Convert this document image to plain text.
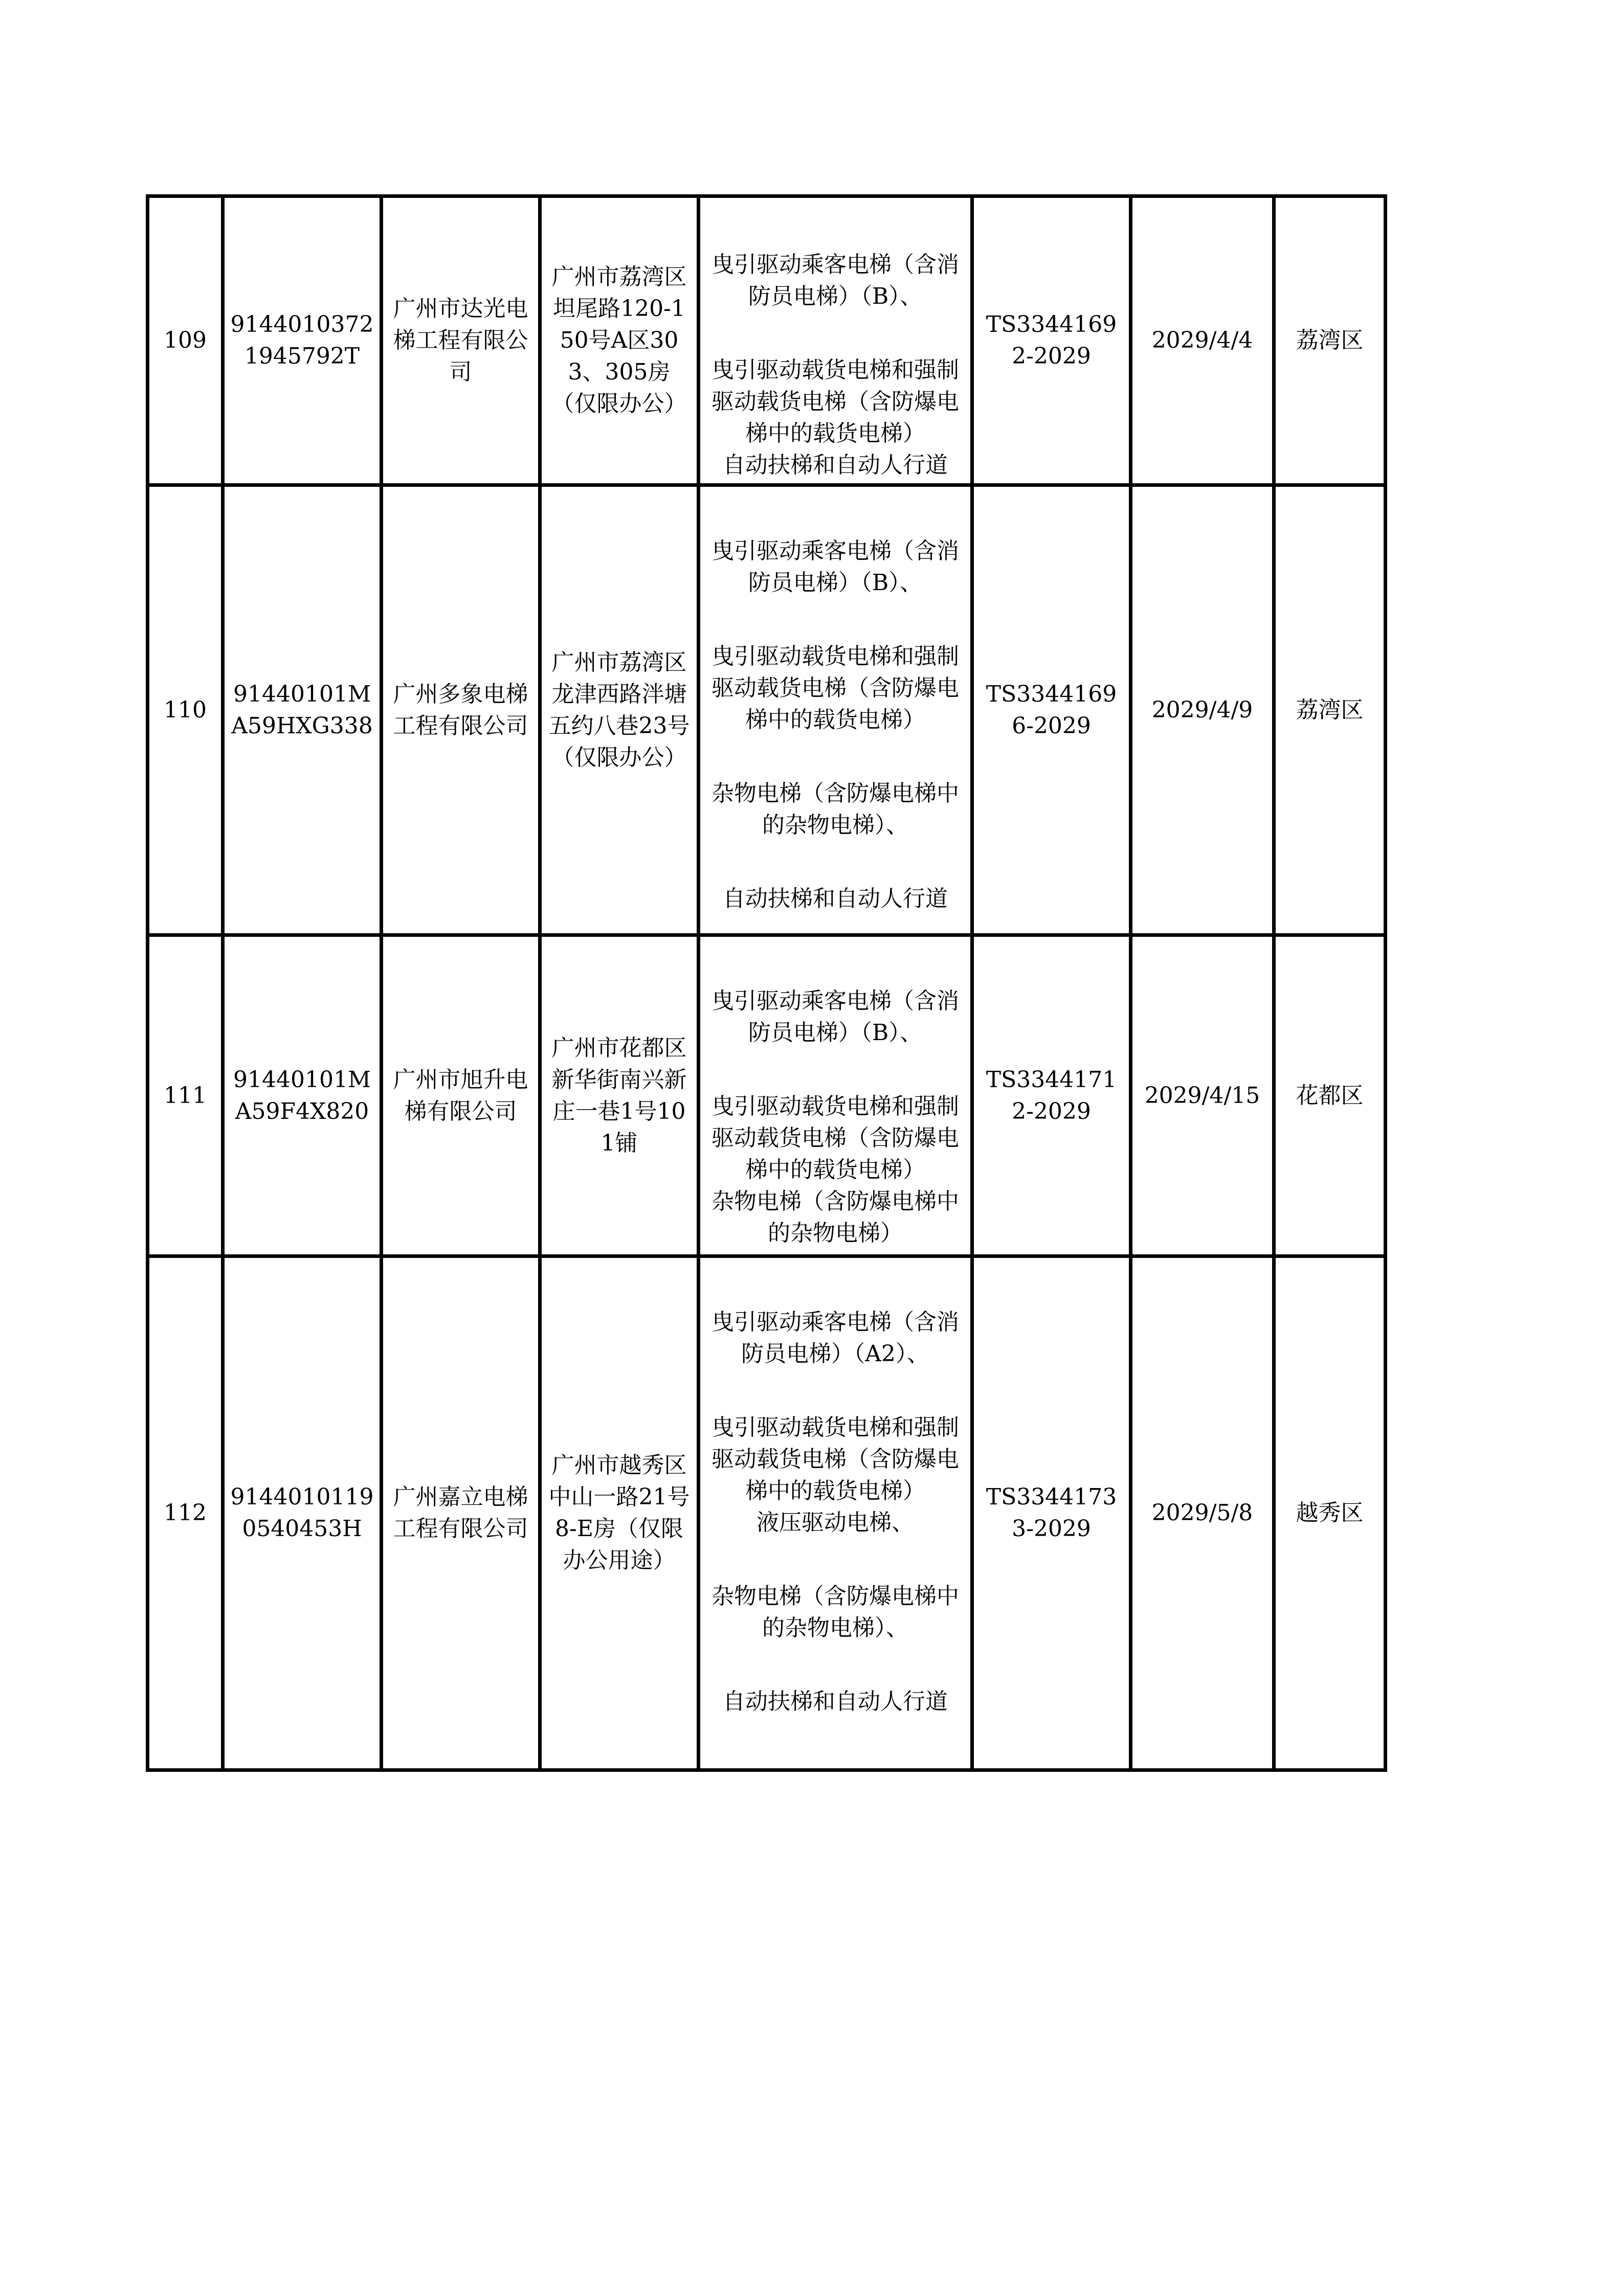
109	91440103721945792T	广州市达光电梯工程有限公司	广州市荔湾区坦尾路120-150号A区303、305房（仅限办公）	曳引驱动乘客电梯（含消防员电梯）（B）、
曳引驱动载货电梯和强制驱动载货电梯（含防爆电梯中的载货电梯）
自动扶梯和自动人行道	TS33441692-2029	2029/4/4	荔湾区
110	91440101MA59HXG338	广州多象电梯工程有限公司	广州市荔湾区龙津西路泮塘五约八巷23号（仅限办公）	曳引驱动乘客电梯（含消防员电梯）（B）、
曳引驱动载货电梯和强制驱动载货电梯（含防爆电梯中的载货电梯）
杂物电梯（含防爆电梯中的杂物电梯）、
自动扶梯和自动人行道	TS33441696-2029	2029/4/9	荔湾区
111	91440101MA59F4X820	广州市旭升电梯有限公司	广州市花都区新华街南兴新庄一巷1号101铺	曳引驱动乘客电梯（含消防员电梯）（B）、
曳引驱动载货电梯和强制驱动载货电梯（含防爆电梯中的载货电梯）
杂物电梯（含防爆电梯中的杂物电梯）	TS33441712-2029	2029/4/15	花都区
112	91440101190540453H	广州嘉立电梯工程有限公司	广州市越秀区中山一路21号8-E房（仅限办公用途）	曳引驱动乘客电梯（含消防员电梯）（A2）、
曳引驱动载货电梯和强制驱动载货电梯（含防爆电梯中的载货电梯）
液压驱动电梯、
杂物电梯（含防爆电梯中的杂物电梯）、
自动扶梯和自动人行道	TS33441733-2029	2029/5/8	越秀区
